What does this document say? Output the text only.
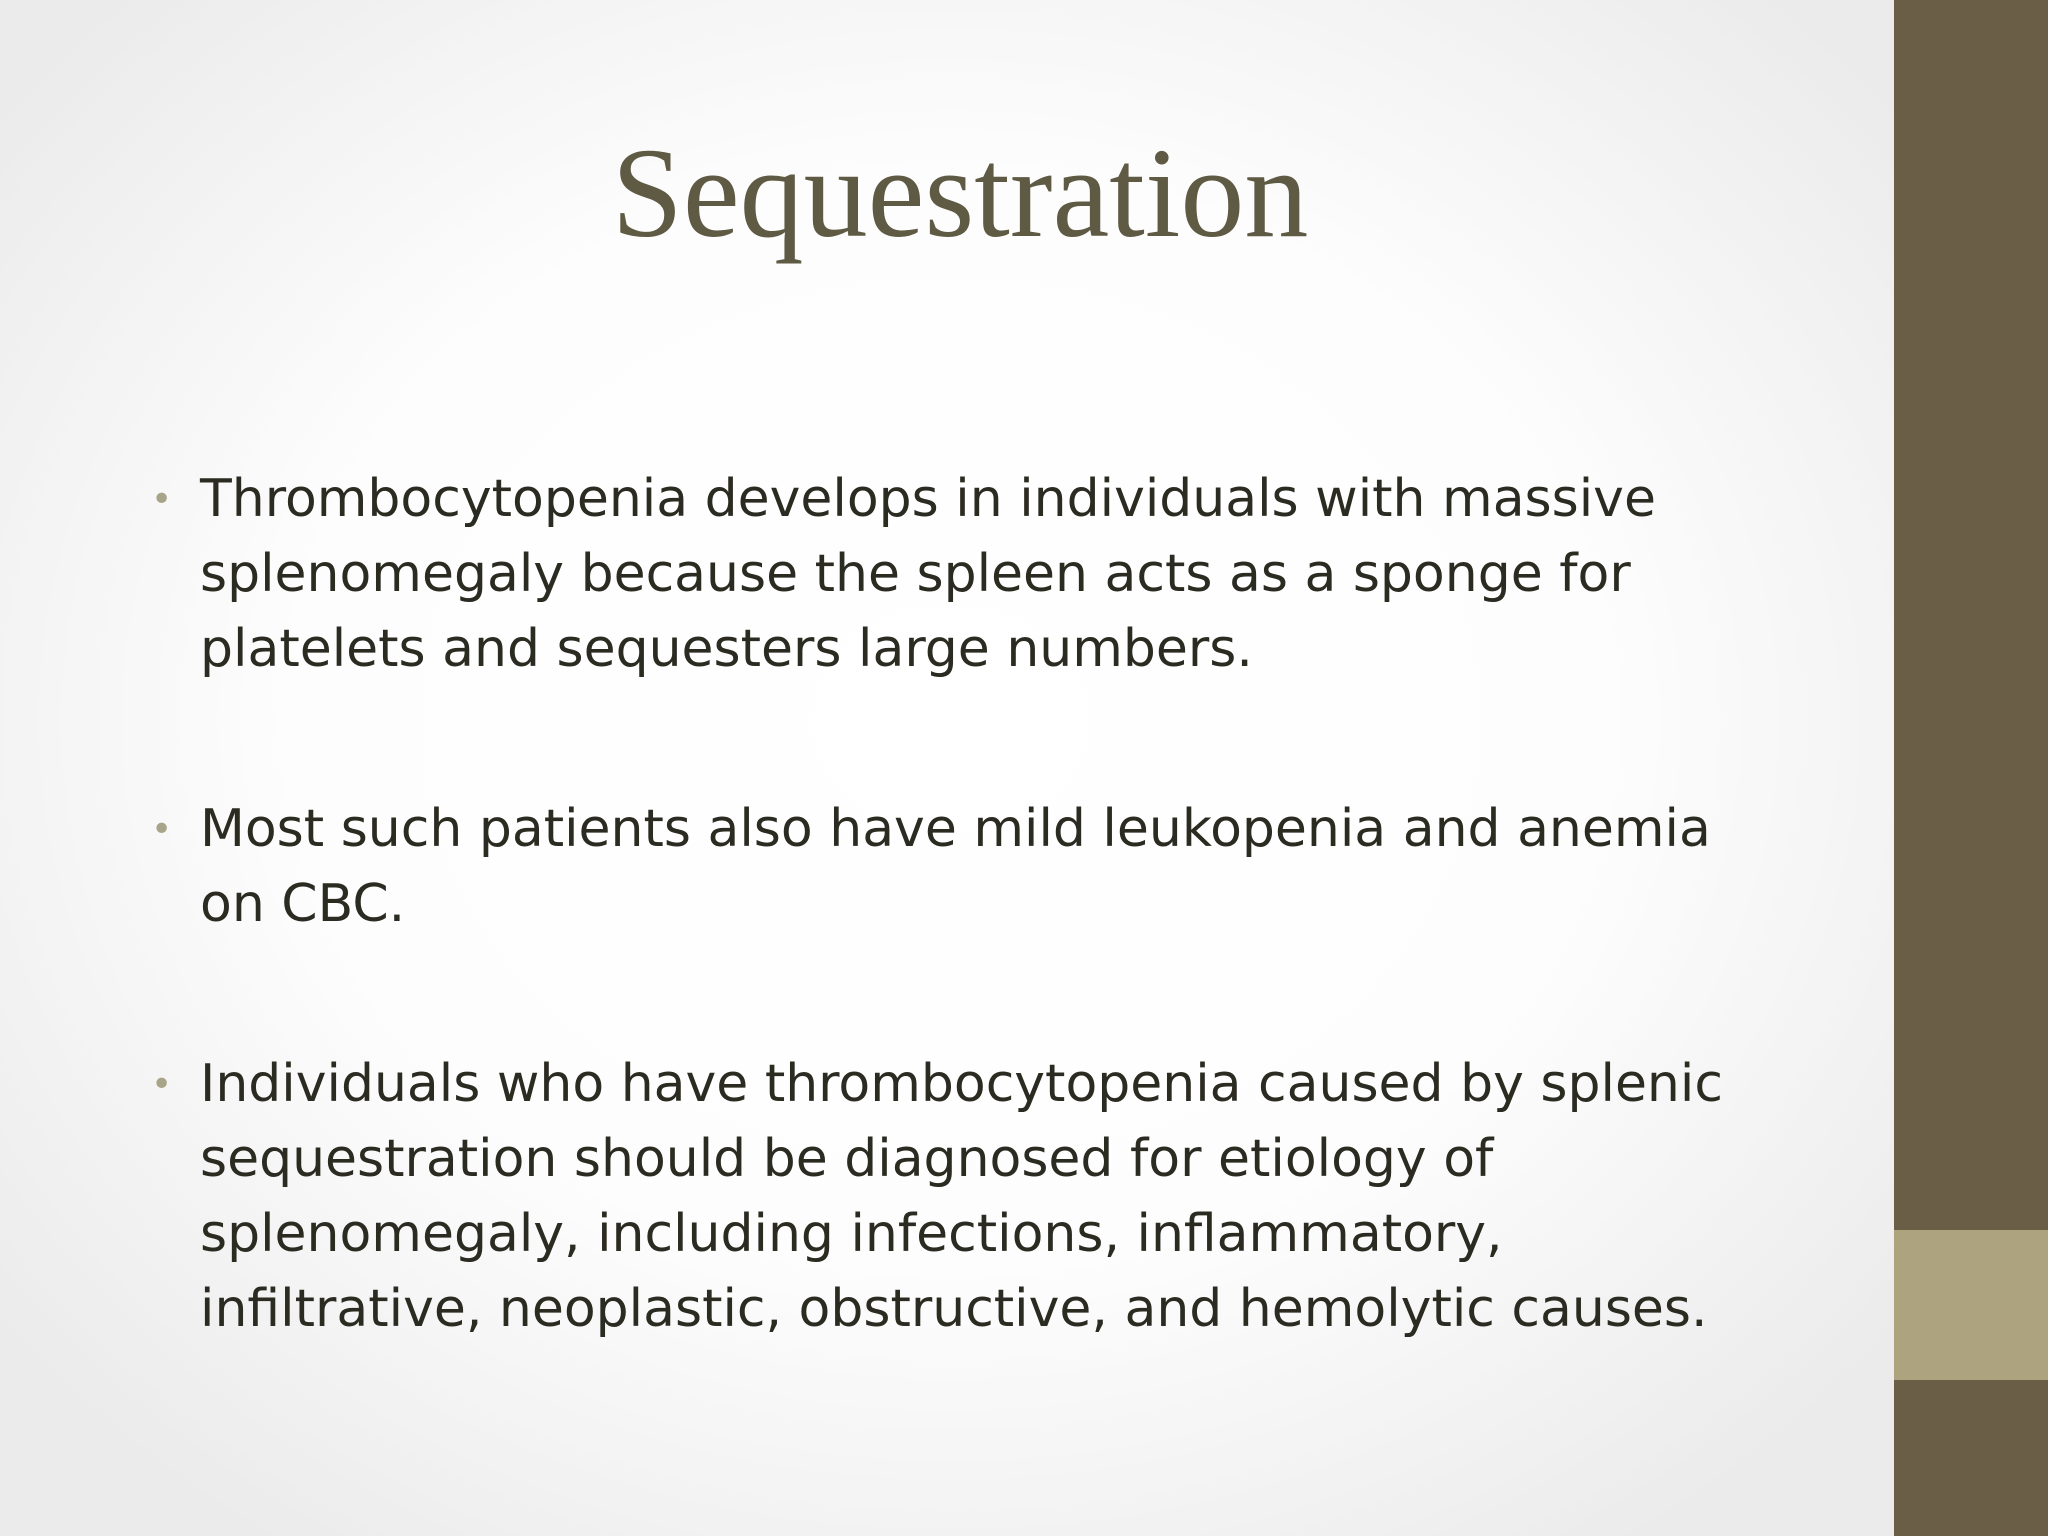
Sequestration
• Thrombocytopenia develops in individuals with massive splenomegaly because the spleen acts as a sponge for platelets and sequesters large numbers.
• Most such patients also have mild leukopenia and anemia on CBC.
• Individuals who have thrombocytopenia caused by splenic sequestration should be diagnosed for etiology of splenomegaly, including infections, inflammatory, infiltrative, neoplastic, obstructive, and hemolytic causes.
